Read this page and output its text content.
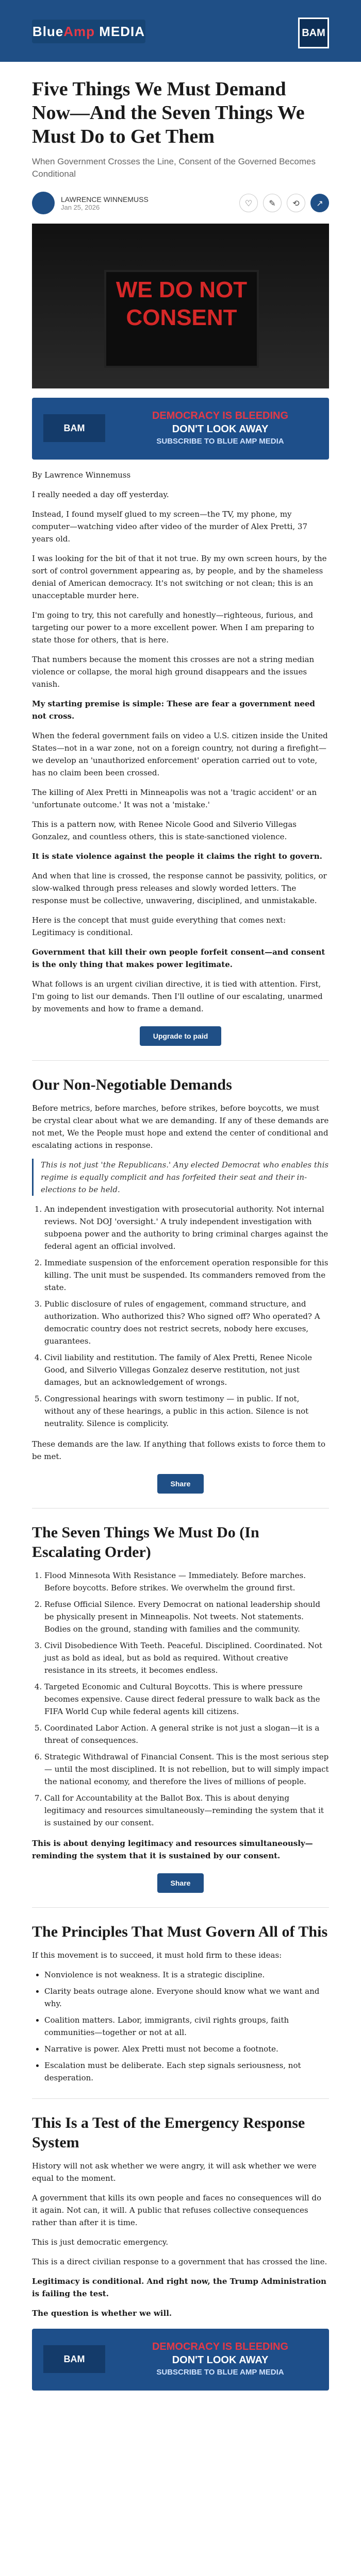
BlueAmp MEDIA	BAM
Five Things We Must Demand Now—And the Seven Things We Must Do to Get Them
When Government Crosses the Line, Consent of the Governed Becomes Conditional
LAWRENCE WINNEMUSS
Jan 25, 2026	♡	✎	⟲	↗
WE DO NOT CONSENT
BAM
DEMOCRACY IS BLEEDING
DON'T LOOK AWAY
SUBSCRIBE TO BLUE AMP MEDIA

By Lawrence Winnemuss

I really needed a day off yesterday.

Instead, I found myself glued to my screen—the TV, my phone, my computer—watching video after video of the murder of Alex Pretti, 37 years old.

I was looking for the bit of that it not true. By my own screen hours, by the sort of control government appearing as, by people, and by the shameless denial of American democracy. It's not switching or not clean; this is an unacceptable murder here.

I'm going to try, this not carefully and honestly—righteous, furious, and targeting our power to a more excellent power. When I am preparing to state those for others, that is here.

That numbers because the moment this crosses are not a string median violence or collapse, the moral high ground disappears and the issues vanish.

My starting premise is simple: These are fear a government need not cross.

When the federal government fails on video a U.S. citizen inside the United States—not in a war zone, not on a foreign country, not during a firefight—we develop an 'unauthorized enforcement' operation carried out to vote, has no claim been been crossed.

The killing of Alex Pretti in Minneapolis was not a 'tragic accident' or an 'unfortunate outcome.' It was not a 'mistake.'

This is a pattern now, with Renee Nicole Good and Silverio Villegas Gonzalez, and countless others, this is state-sanctioned violence.

It is state violence against the people it claims the right to govern.

And when that line is crossed, the response cannot be passivity, politics, or slow-walked through press releases and slowly worded letters. The response must be collective, unwavering, disciplined, and unmistakable.

Here is the concept that must guide everything that comes next: Legitimacy is conditional.

Government that kill their own people forfeit consent—and consent is the only thing that makes power legitimate.

What follows is an urgent civilian directive, it is tied with attention. First, I'm going to list our demands. Then I'll outline of our escalating, unarmed by movements and how to frame a demand.

Upgrade to paid
Our Non-Negotiable Demands

Before metrics, before marches, before strikes, before boycotts, we must be crystal clear about what we are demanding. If any of these demands are not met, We the People must hope and extend the center of conditional and escalating actions in response.

This is not just 'the Republicans.' Any elected Democrat who enables this regime is equally complicit and has forfeited their seat and their in-elections to be held.

1. An independent investigation with prosecutorial authority. Not internal reviews. Not DOJ 'oversight.' A truly independent investigation with subpoena power and the authority to bring criminal charges against the federal agent an official involved.
2. Immediate suspension of the enforcement operation responsible for this killing. The unit must be suspended. Its commanders removed from the state.
3. Public disclosure of rules of engagement, command structure, and authorization. Who authorized this? Who signed off? Who operated? A democratic country does not restrict secrets, nobody here excuses, guarantees.
4. Civil liability and restitution. The family of Alex Pretti, Renee Nicole Good, and Silverio Villegas Gonzalez deserve restitution, not just damages, but an acknowledgement of wrongs.
5. Congressional hearings with sworn testimony — in public. If not, without any of these hearings, a public in this action. Silence is not neutrality. Silence is complicity.

These demands are the law. If anything that follows exists to force them to be met.

Share
The Seven Things We Must Do (In Escalating Order)
1. Flood Minnesota With Resistance — Immediately. Before marches. Before boycotts. Before strikes. We overwhelm the ground first.
2. Refuse Official Silence. Every Democrat on national leadership should be physically present in Minneapolis. Not tweets. Not statements. Bodies on the ground, standing with families and the community.
3. Civil Disobedience With Teeth. Peaceful. Disciplined. Coordinated. Not just as bold as ideal, but as bold as required. Without creative resistance in its streets, it becomes endless.
4. Targeted Economic and Cultural Boycotts. This is where pressure becomes expensive. Cause direct federal pressure to walk back as the FIFA World Cup while federal agents kill citizens.
5. Coordinated Labor Action. A general strike is not just a slogan—it is a threat of consequences.
6. Strategic Withdrawal of Financial Consent. This is the most serious step — until the most disciplined. It is not rebellion, but to will simply impact the national economy, and therefore the lives of millions of people.
7. Call for Accountability at the Ballot Box. This is about denying legitimacy and resources simultaneously—reminding the system that it is sustained by our consent.

This is about denying legitimacy and resources simultaneously—reminding the system that it is sustained by our consent.

Share
The Principles That Must Govern All of This

If this movement is to succeed, it must hold firm to these ideas:

• Nonviolence is not weakness. It is a strategic discipline.
• Clarity beats outrage alone. Everyone should know what we want and why.
• Coalition matters. Labor, immigrants, civil rights groups, faith communities—together or not at all.
• Narrative is power. Alex Pretti must not become a footnote.
• Escalation must be deliberate. Each step signals seriousness, not desperation.
This Is a Test of the Emergency Response System

History will not ask whether we were angry, it will ask whether we were equal to the moment.

A government that kills its own people and faces no consequences will do it again. Not can, it will. A public that refuses collective consequences rather than after it is time.

This is just democratic emergency.

This is a direct civilian response to a government that has crossed the line.

Legitimacy is conditional. And right now, the Trump Administration is failing the test.

The question is whether we will.

BAM
DEMOCRACY IS BLEEDING
DON'T LOOK AWAY
SUBSCRIBE TO BLUE AMP MEDIA
